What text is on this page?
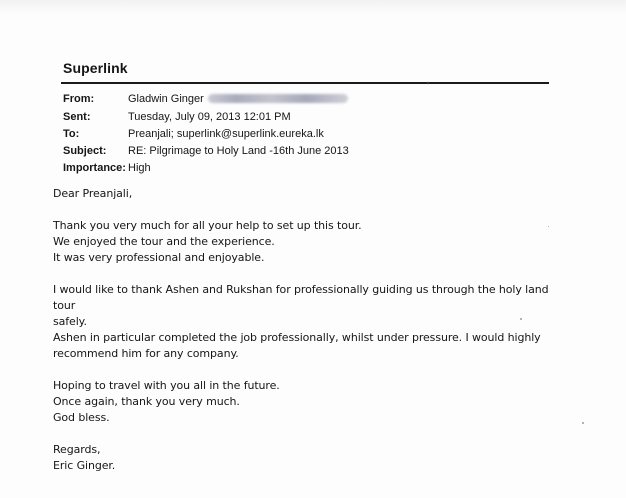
Superlink
⁺
From:	Gladwin Ginger
Sent:	Tuesday, July 09, 2013 12:01 PM
To:	Preanjali; superlink@superlink.eureka.lk
Subject: RE: Pilgrimage to Holy Land -16th June 2013
Importance: High

Dear Preanjali,

Thank you very much for all your help to set up this tour.
We enjoyed the tour and the experience.
It was very professional and enjoyable.

I would like to thank Ashen and Rukshan for professionally guiding us through the holy land tour
safely.
Ashen in particular completed the job professionally, whilst under pressure. I would highly
recommend him for any company.

Hoping to travel with you all in the future.
Once again, thank you very much.
God bless.

Regards,
Eric Ginger.
